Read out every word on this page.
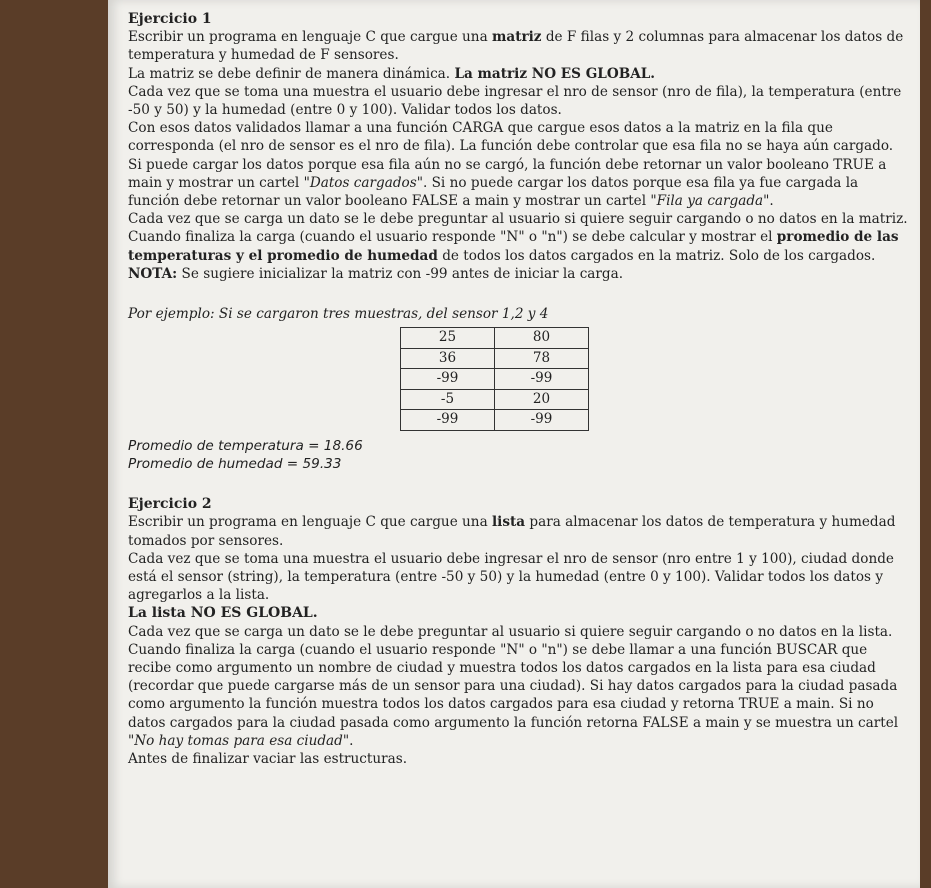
Ejercicio 1

Escribir un programa en lenguaje C que cargue una matriz de F filas y 2 columnas para almacenar los datos de temperatura y humedad de F sensores.

La matriz se debe definir de manera dinámica. La matriz NO ES GLOBAL.

Cada vez que se toma una muestra el usuario debe ingresar el nro de sensor (nro de fila), la temperatura (entre -50 y 50) y la humedad (entre 0 y 100). Validar todos los datos.

Con esos datos validados llamar a una función CARGA que cargue esos datos a la matriz en la fila que corresponda (el nro de sensor es el nro de fila). La función debe controlar que esa fila no se haya aún cargado.

Si puede cargar los datos porque esa fila aún no se cargó, la función debe retornar un valor booleano TRUE a main y mostrar un cartel "Datos cargados". Si no puede cargar los datos porque esa fila ya fue cargada la función debe retornar un valor booleano FALSE a main y mostrar un cartel "Fila ya cargada".

Cada vez que se carga un dato se le debe preguntar al usuario si quiere seguir cargando o no datos en la matriz.

Cuando finaliza la carga (cuando el usuario responde "N" o "n") se debe calcular y mostrar el promedio de las temperaturas y el promedio de humedad de todos los datos cargados en la matriz. Solo de los cargados.

NOTA: Se sugiere inicializar la matriz con -99 antes de iniciar la carga.

Por ejemplo: Si se cargaron tres muestras, del sensor 1,2 y 4

25	80
36	78
-99	-99
-5	20
-99	-99

Promedio de temperatura = 18.66

Promedio de humedad = 59.33

Ejercicio 2

Escribir un programa en lenguaje C que cargue una lista para almacenar los datos de temperatura y humedad tomados por sensores.

Cada vez que se toma una muestra el usuario debe ingresar el nro de sensor (nro entre 1 y 100), ciudad donde está el sensor (string), la temperatura (entre -50 y 50) y la humedad (entre 0 y 100). Validar todos los datos y agregarlos a la lista.

La lista NO ES GLOBAL.

Cada vez que se carga un dato se le debe preguntar al usuario si quiere seguir cargando o no datos en la lista.

Cuando finaliza la carga (cuando el usuario responde "N" o "n") se debe llamar a una función BUSCAR que recibe como argumento un nombre de ciudad y muestra todos los datos cargados en la lista para esa ciudad (recordar que puede cargarse más de un sensor para una ciudad). Si hay datos cargados para la ciudad pasada como argumento la función muestra todos los datos cargados para esa ciudad y retorna TRUE a main. Si no datos cargados para la ciudad pasada como argumento la función retorna FALSE a main y se muestra un cartel "No hay tomas para esa ciudad".

Antes de finalizar vaciar las estructuras.
